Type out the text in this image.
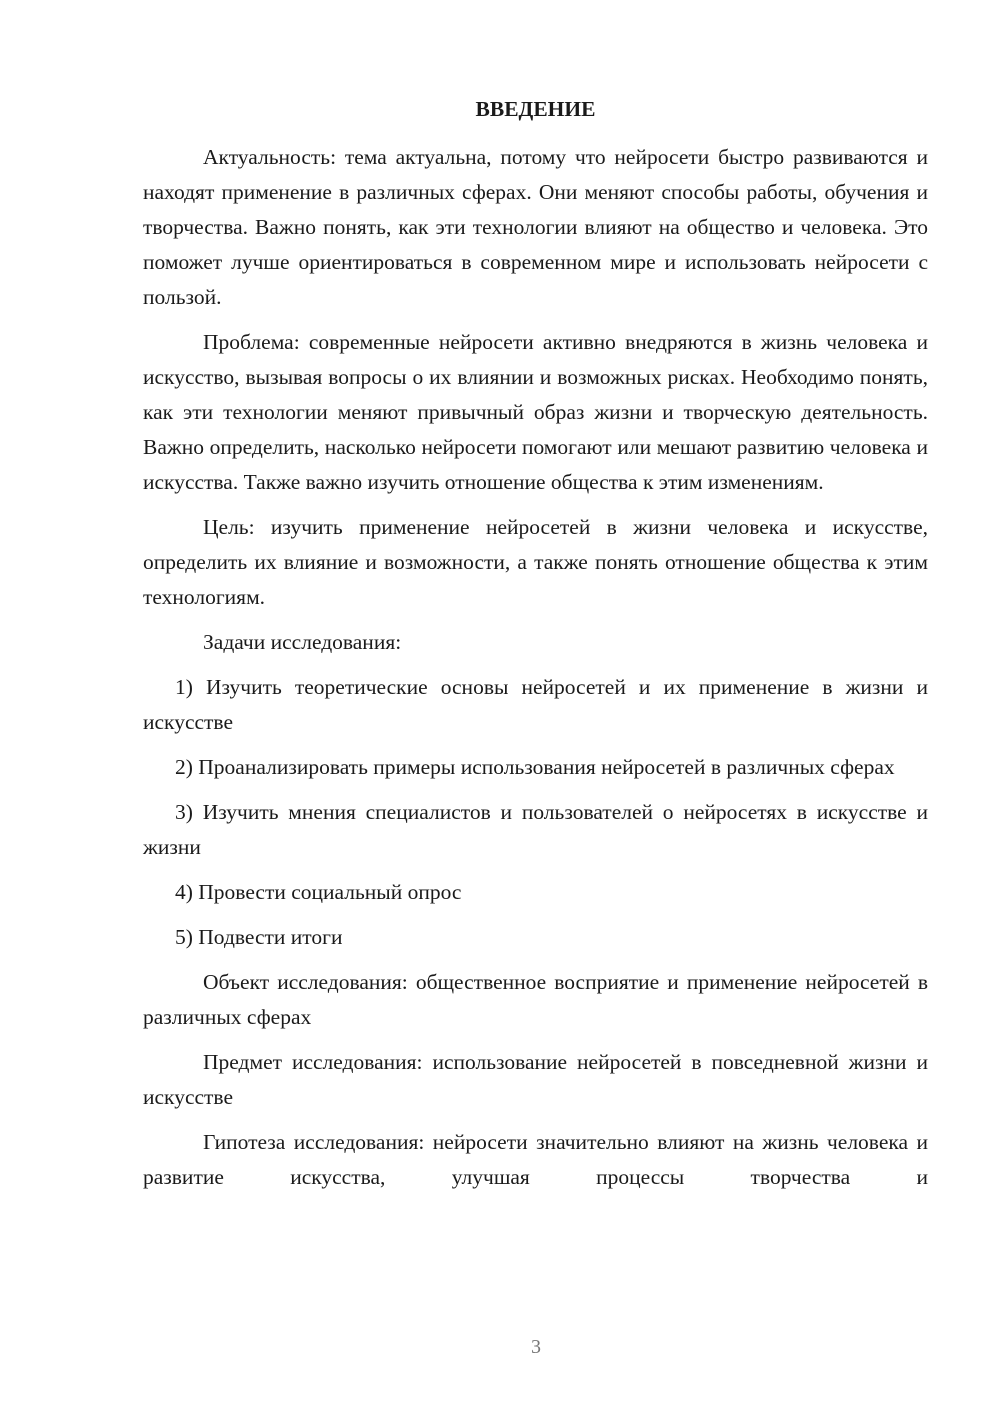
ВВЕДЕНИЕ

Актуальность: тема актуальна, потому что нейросети быстро развиваются и находят применение в различных сферах. Они меняют способы работы, обучения и творчества. Важно понять, как эти технологии влияют на общество и человека. Это поможет лучше ориентироваться в современном мире и использовать нейросети с пользой.

Проблема: современные нейросети активно внедряются в жизнь человека и искусство, вызывая вопросы о их влиянии и возможных рисках. Необходимо понять, как эти технологии меняют привычный образ жизни и творческую деятельность. Важно определить, насколько нейросети помогают или мешают развитию человека и искусства. Также важно изучить отношение общества к этим изменениям.

Цель: изучить применение нейросетей в жизни человека и искусстве, определить их влияние и возможности, а также понять отношение общества к этим технологиям.

Задачи исследования:

1) Изучить теоретические основы нейросетей и их применение в жизни и искусстве

2) Проанализировать примеры использования нейросетей в различных сферах

3) Изучить мнения специалистов и пользователей о нейросетях в искусстве и жизни

4) Провести социальный опрос

5) Подвести итоги

Объект исследования: общественное восприятие и применение нейросетей в различных сферах

Предмет исследования: использование нейросетей в повседневной жизни и искусстве

Гипотеза исследования: нейросети значительно влияют на жизнь человека и развитие искусства, улучшая процессы творчества и

3
